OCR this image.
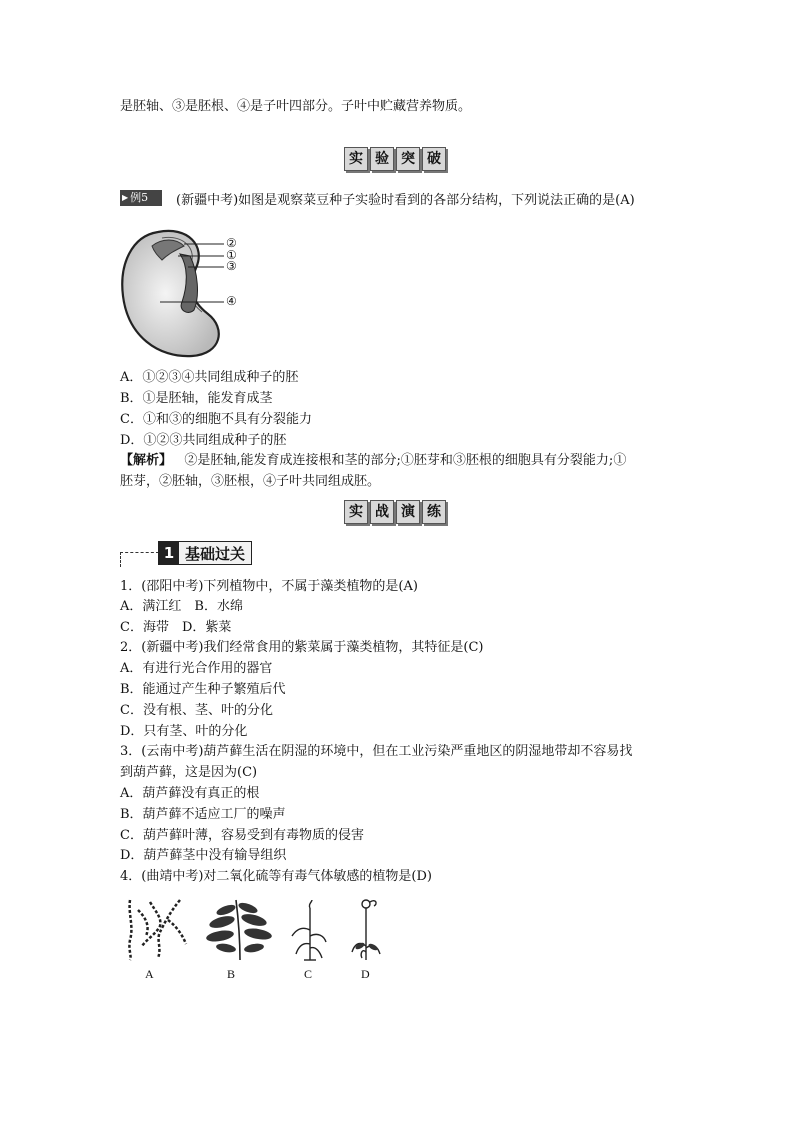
是胚轴、③是胚根、④是子叶四部分。子叶中贮藏营养物质。
实 验 突 破
▶ 例5 (新疆中考)如图是观察菜豆种子实验时看到的各部分结构，下列说法正确的是(A)
②
①
③
④
A．①②③④共同组成种子的胚
B．①是胚轴，能发育成茎
C．①和③的细胞不具有分裂能力
D．①②③共同组成种子的胚
【解析】 ②是胚轴,能发育成连接根和茎的部分;①胚芽和③胚根的细胞具有分裂能力;①
胚芽，②胚轴，③胚根，④子叶共同组成胚。
实 战 演 练
1 基础过关
1．(邵阳中考)下列植物中，不属于藻类植物的是(A)
A．满江红　B．水绵
C．海带　D．紫菜
2．(新疆中考)我们经常食用的紫菜属于藻类植物，其特征是(C)
A．有进行光合作用的器官
B．能通过产生种子繁殖后代
C．没有根、茎、叶的分化
D．只有茎、叶的分化
3．(云南中考)葫芦藓生活在阴湿的环境中，但在工业污染严重地区的阴湿地带却不容易找
到葫芦藓，这是因为(C)
A．葫芦藓没有真正的根
B．葫芦藓不适应工厂的噪声
C．葫芦藓叶薄，容易受到有毒物质的侵害
D．葫芦藓茎中没有输导组织
4．(曲靖中考)对二氧化硫等有毒气体敏感的植物是(D)
A	B	C	D
